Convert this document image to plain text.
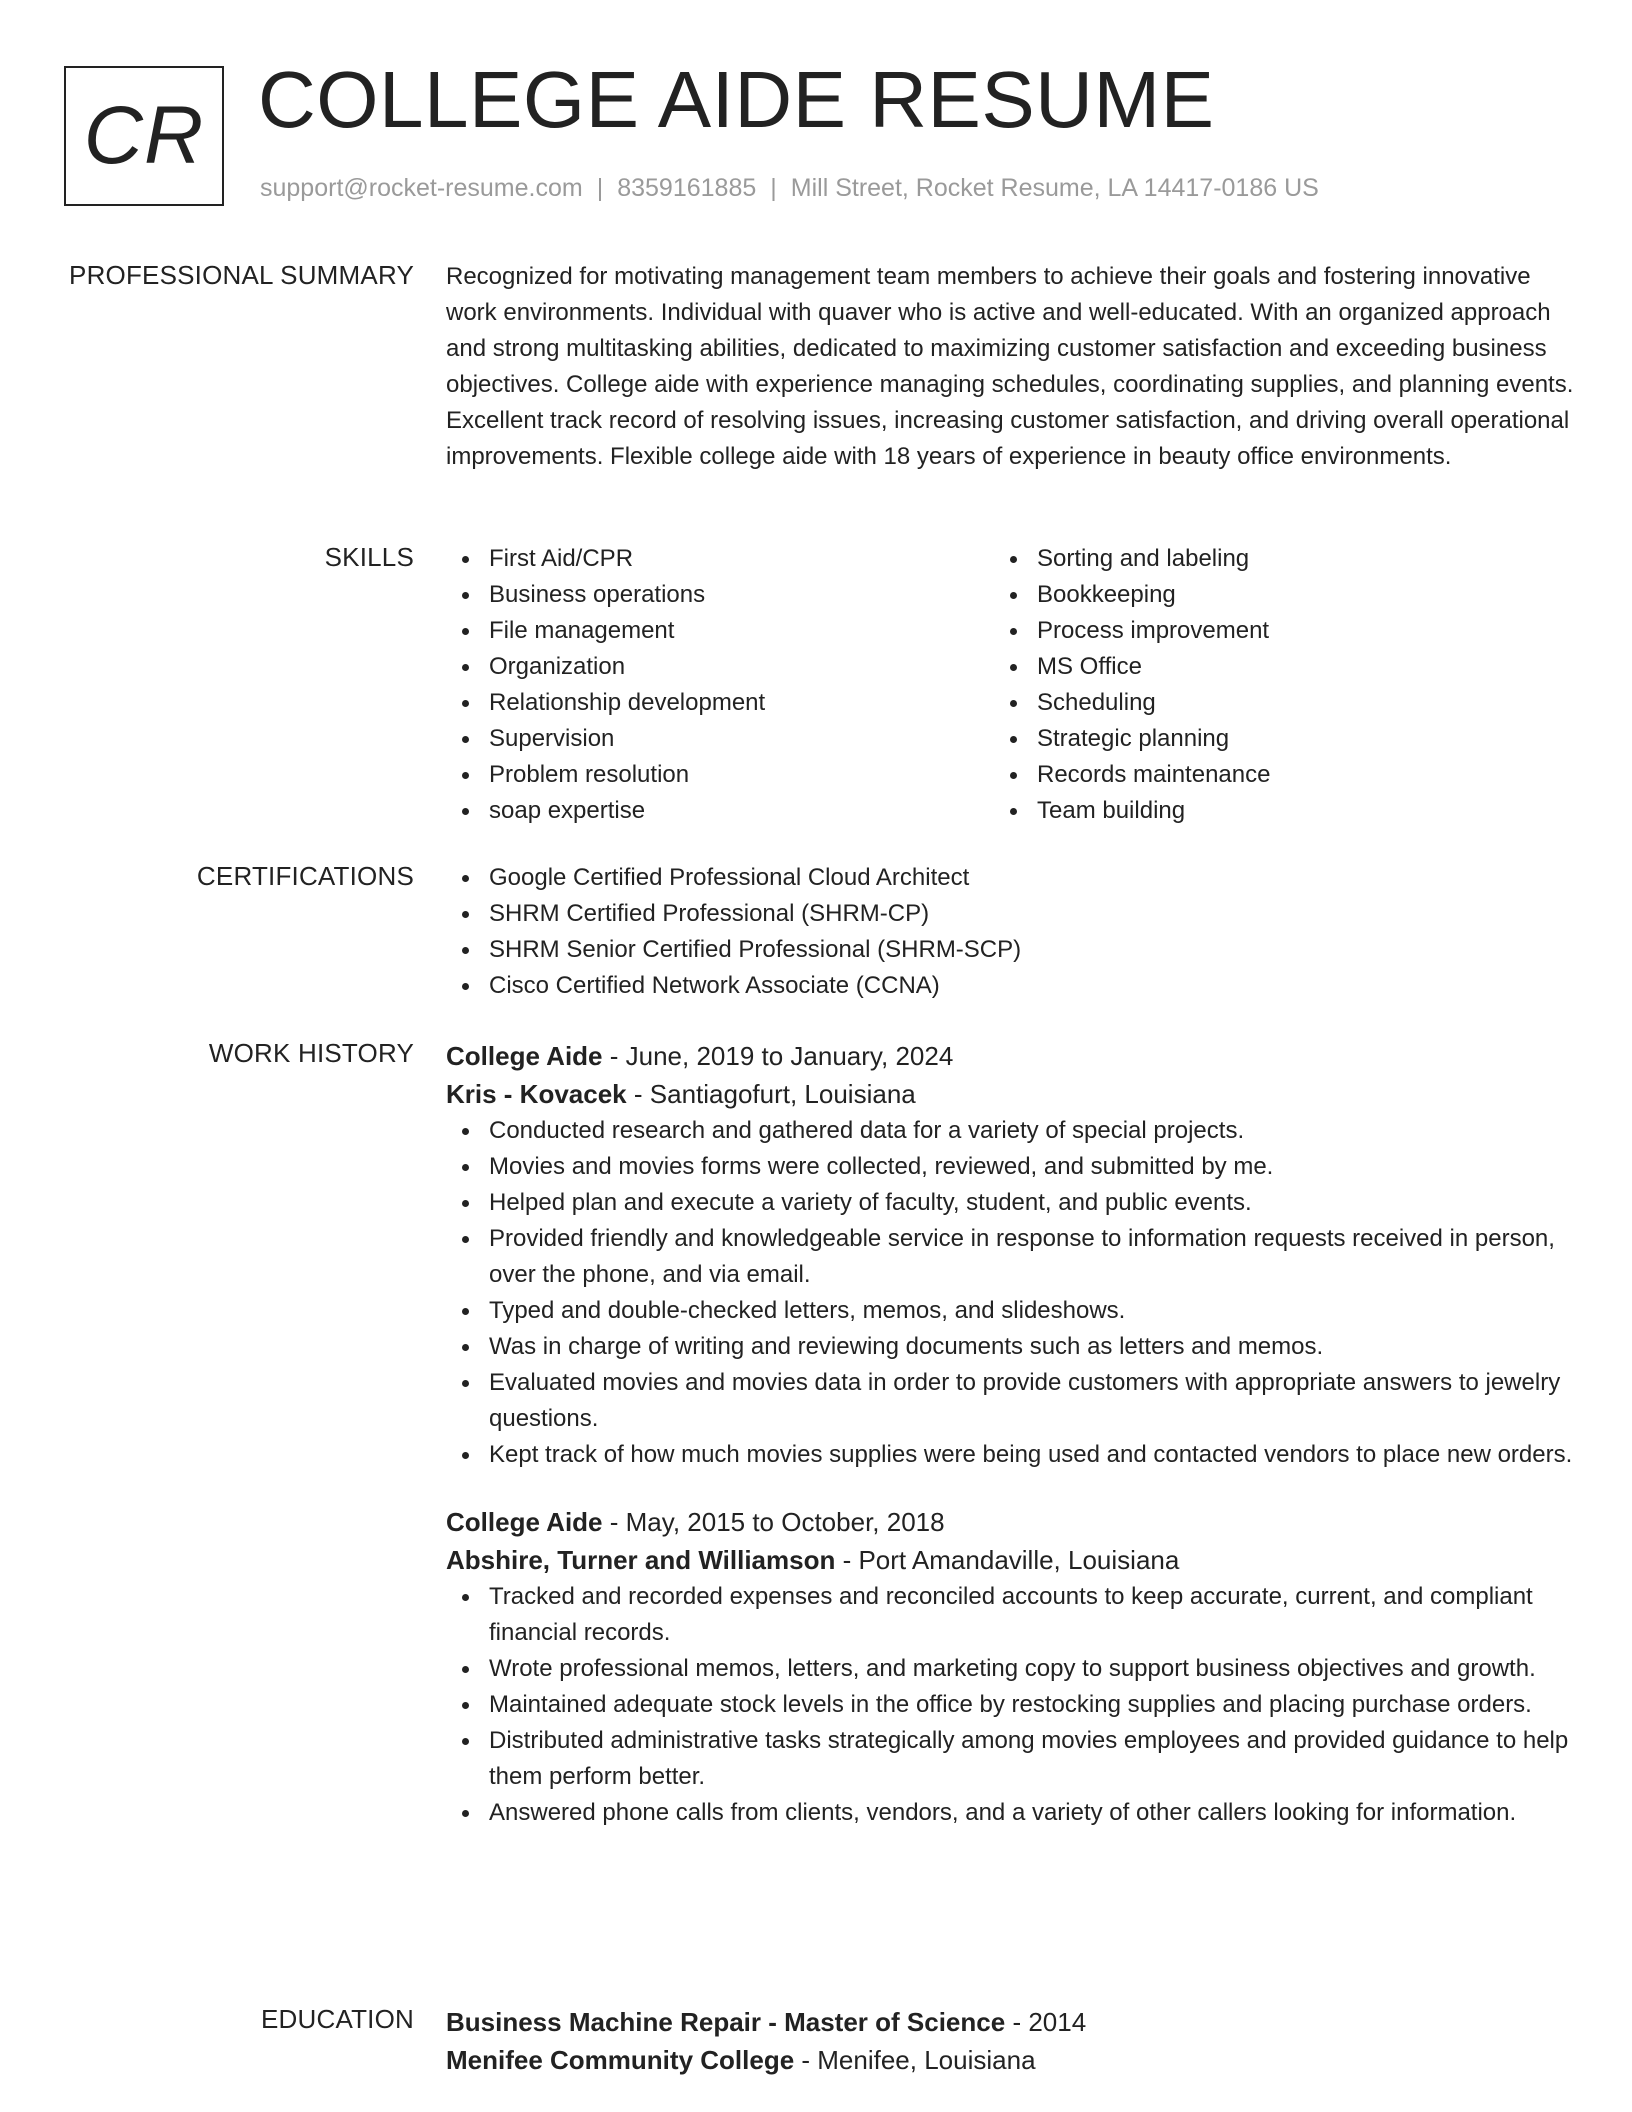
CR COLLEGE AIDE RESUME
support@rocket-resume.com | 8359161885 | Mill Street, Rocket Resume, LA 14417-0186 US
PROFESSIONAL SUMMARY Recognized for motivating management team members to achieve their goals and fostering innovative work environments. Individual with quaver who is active and well-educated. With an organized approach and strong multitasking abilities, dedicated to maximizing customer satisfaction and exceeding business objectives. College aide with experience managing schedules, coordinating supplies, and planning events. Excellent track record of resolving issues, increasing customer satisfaction, and driving overall operational improvements. Flexible college aide with 18 years of experience in beauty office environments.

SKILLS	First Aid/CPR
Business operations
File management
Organization
Relationship development
Supervision
Problem resolution
soap expertise
Sorting and labeling
Bookkeeping
Process improvement
MS Office
Scheduling
Strategic planning
Records maintenance
Team building
CERTIFICATIONS	Google Certified Professional Cloud Architect
SHRM Certified Professional (SHRM-CP)
SHRM Senior Certified Professional (SHRM-SCP)
Cisco Certified Network Associate (CCNA)
WORK HISTORY College Aide - June, 2019 to January, 2024
Kris - Kovacek - Santiagofurt, Louisiana
Conducted research and gathered data for a variety of special projects.
Movies and movies forms were collected, reviewed, and submitted by me.
Helped plan and execute a variety of faculty, student, and public events.
Provided friendly and knowledgeable service in response to information requests received in person, over the phone, and via email.
Typed and double-checked letters, memos, and slideshows.
Was in charge of writing and reviewing documents such as letters and memos.
Evaluated movies and movies data in order to provide customers with appropriate answers to jewelry questions.
Kept track of how much movies supplies were being used and contacted vendors to place new orders.
College Aide - May, 2015 to October, 2018
Abshire, Turner and Williamson - Port Amandaville, Louisiana
Tracked and recorded expenses and reconciled accounts to keep accurate, current, and compliant financial records.
Wrote professional memos, letters, and marketing copy to support business objectives and growth.
Maintained adequate stock levels in the office by restocking supplies and placing purchase orders.
Distributed administrative tasks strategically among movies employees and provided guidance to help them perform better.
Answered phone calls from clients, vendors, and a variety of other callers looking for information.
EDUCATION Business Machine Repair - Master of Science - 2014
Menifee Community College - Menifee, Louisiana
